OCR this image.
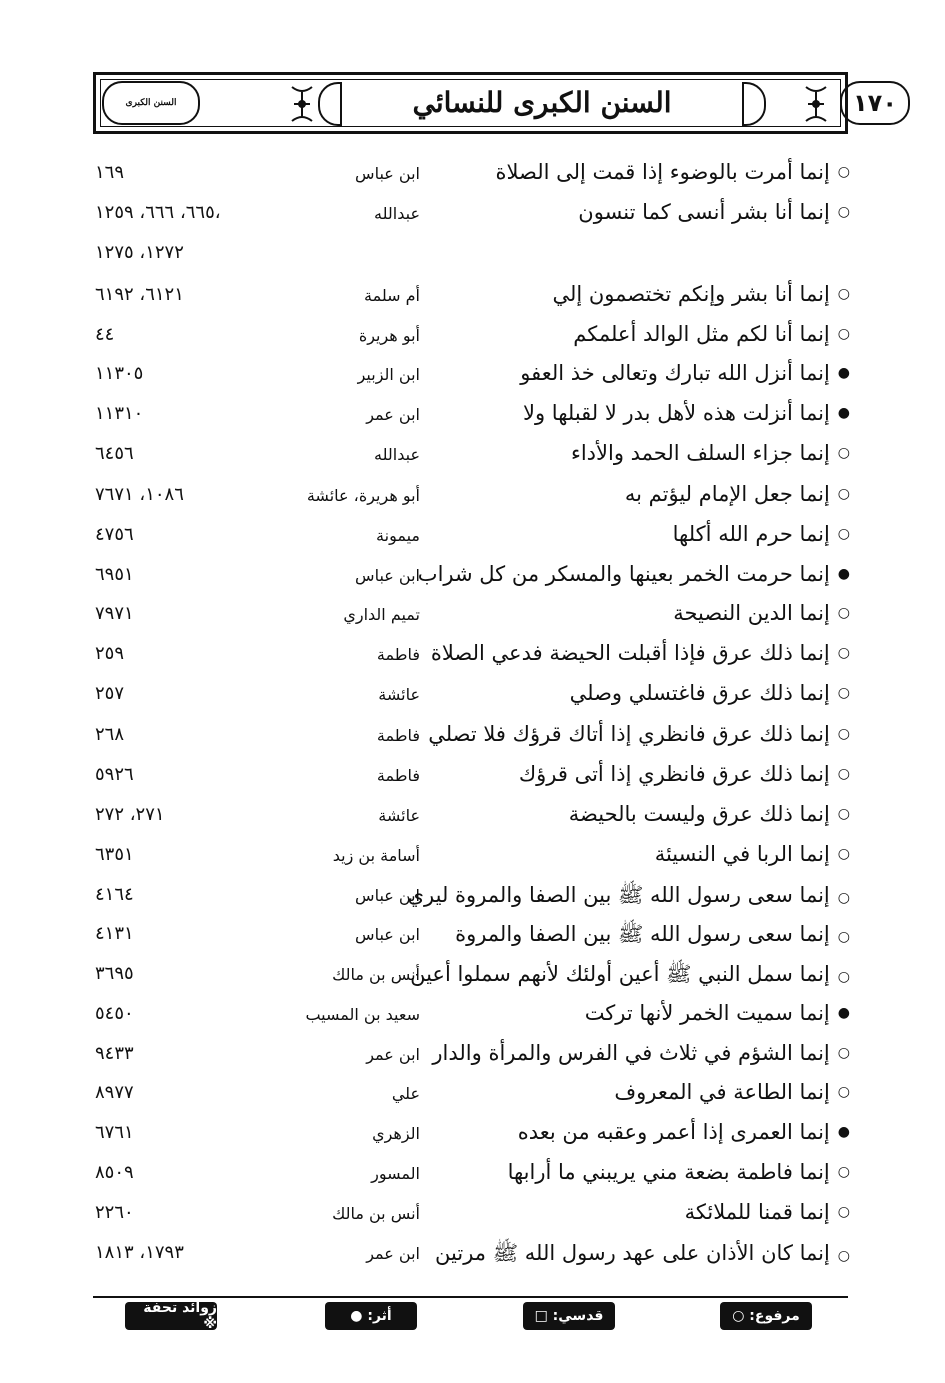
١٧٠
السنن الكبرى للنسائي
السنن الكبرى
○
إنما أمرت بالوضوء إذا قمت إلى الصلاة
ابن عباس
١٦٩
○
إنما أنا بشر أنسى كما تنسون
عبدالله
٦٦٥، ٦٦٦، ١٢٥٩،
١٢٧٢، ١٢٧٥
○
إنما أنا بشر وإنكم تختصمون إلي
أم سلمة
٦١٢١، ٦١٩٢
○
إنما أنا لكم مثل الوالد أعلمكم
أبو هريرة
٤٤
●
إنما أنزل الله تبارك وتعالى خذ العفو
ابن الزبير
١١٣٠٥
●
إنما أنزلت هذه لأهل بدر لا لقبلها ولا
ابن عمر
١١٣١٠
○
إنما جزاء السلف الحمد والأداء
عبدالله
٦٤٥٦
○
إنما جعل الإمام ليؤتم به
أبو هريرة، عائشة
١٠٨٦، ٧٦٧١
○
إنما حرم الله أكلها
ميمونة
٤٧٥٦
●
إنما حرمت الخمر بعينها والمسكر من كل شراب
ابن عباس
٦٩٥١
○
إنما الدين النصيحة
تميم الداري
٧٩٧١
○
إنما ذلك عرق فإذا أقبلت الحيضة فدعي الصلاة
فاطمة
٢٥٩
○
إنما ذلك عرق فاغتسلي وصلي
عائشة
٢٥٧
○
إنما ذلك عرق فانظري إذا أتاك قرؤك فلا تصلي
فاطمة
٢٦٨
○
إنما ذلك عرق فانظري إذا أتى قرؤك
فاطمة
٥٩٢٦
○
إنما ذلك عرق وليست بالحيضة
عائشة
٢٧١، ٢٧٢
○
إنما الربا في النسيئة
أسامة بن زيد
٦٣٥١
○
إنما سعى رسول الله ﷺ بين الصفا والمروة ليري
ابن عباس
٤١٦٤
○
إنما سعى رسول الله ﷺ بين الصفا والمروة
ابن عباس
٤١٣١
○
إنما سمل النبي ﷺ أعين أولئك لأنهم سملوا أعين
أنس بن مالك
٣٦٩٥
●
إنما سميت الخمر لأنها تركت
سعيد بن المسيب
٥٤٥٠
○
إنما الشؤم في ثلاث في الفرس والمرأة والدار
ابن عمر
٩٤٣٣
○
إنما الطاعة في المعروف
علي
٨٩٧٧
●
إنما العمرى إذا أعمر وعقبه من بعده
الزهري
٦٧٦١
○
إنما فاطمة بضعة مني يريبني ما أرابها
المسور
٨٥٠٩
○
إنما قمنا للملائكة
أنس بن مالك
٢٢٦٠
○
إنما كان الأذان على عهد رسول الله ﷺ مرتين
ابن عمر
١٧٩٣، ١٨١٣
مرفوع: ○
قدسي: □
أثر: ●
زوائد تحفة ※
